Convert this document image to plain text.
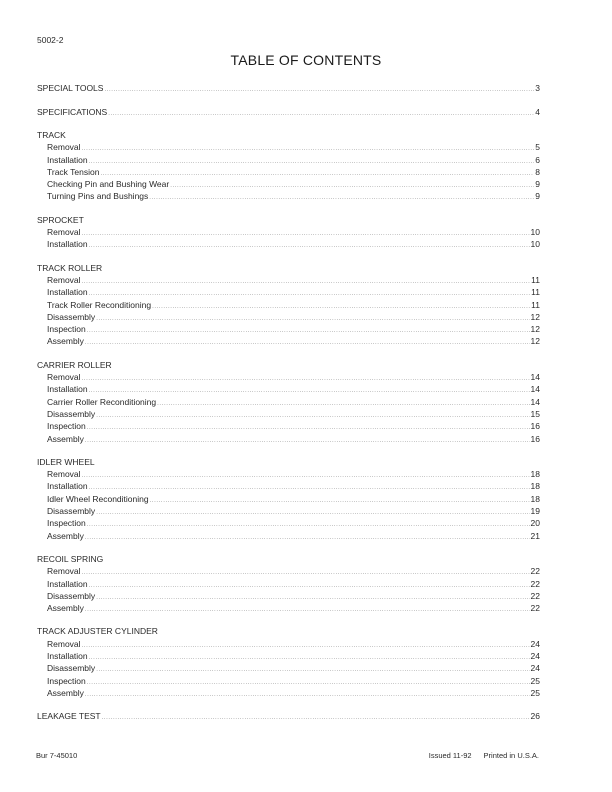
5002-2
TABLE OF CONTENTS
SPECIAL TOOLS .....	3
SPECIFICATIONS .....	4
TRACK
Removal .....	5
Installation .....	6
Track Tension .....	8
Checking Pin and Bushing Wear .....	9
Turning Pins and Bushings .....	9
SPROCKET
Removal .....	10
Installation .....	10
TRACK ROLLER
Removal .....	11
Installation .....	11
Track Roller Reconditioning .....	11
Disassembly .....	12
Inspection .....	12
Assembly .....	12
CARRIER ROLLER
Removal .....	14
Installation .....	14
Carrier Roller Reconditioning .....	14
Disassembly .....	15
Inspection .....	16
Assembly .....	16
IDLER WHEEL
Removal .....	18
Installation .....	18
Idler Wheel Reconditioning .....	18
Disassembly .....	19
Inspection .....	20
Assembly .....	21
RECOIL SPRING
Removal .....	22
Installation .....	22
Disassembly .....	22
Assembly .....	22
TRACK ADJUSTER CYLINDER
Removal .....	24
Installation .....	24
Disassembly .....	24
Inspection .....	25
Assembly .....	25
LEAKAGE TEST .....	26
Bur 7-45010	Issued 11-92 Printed in U.S.A.
